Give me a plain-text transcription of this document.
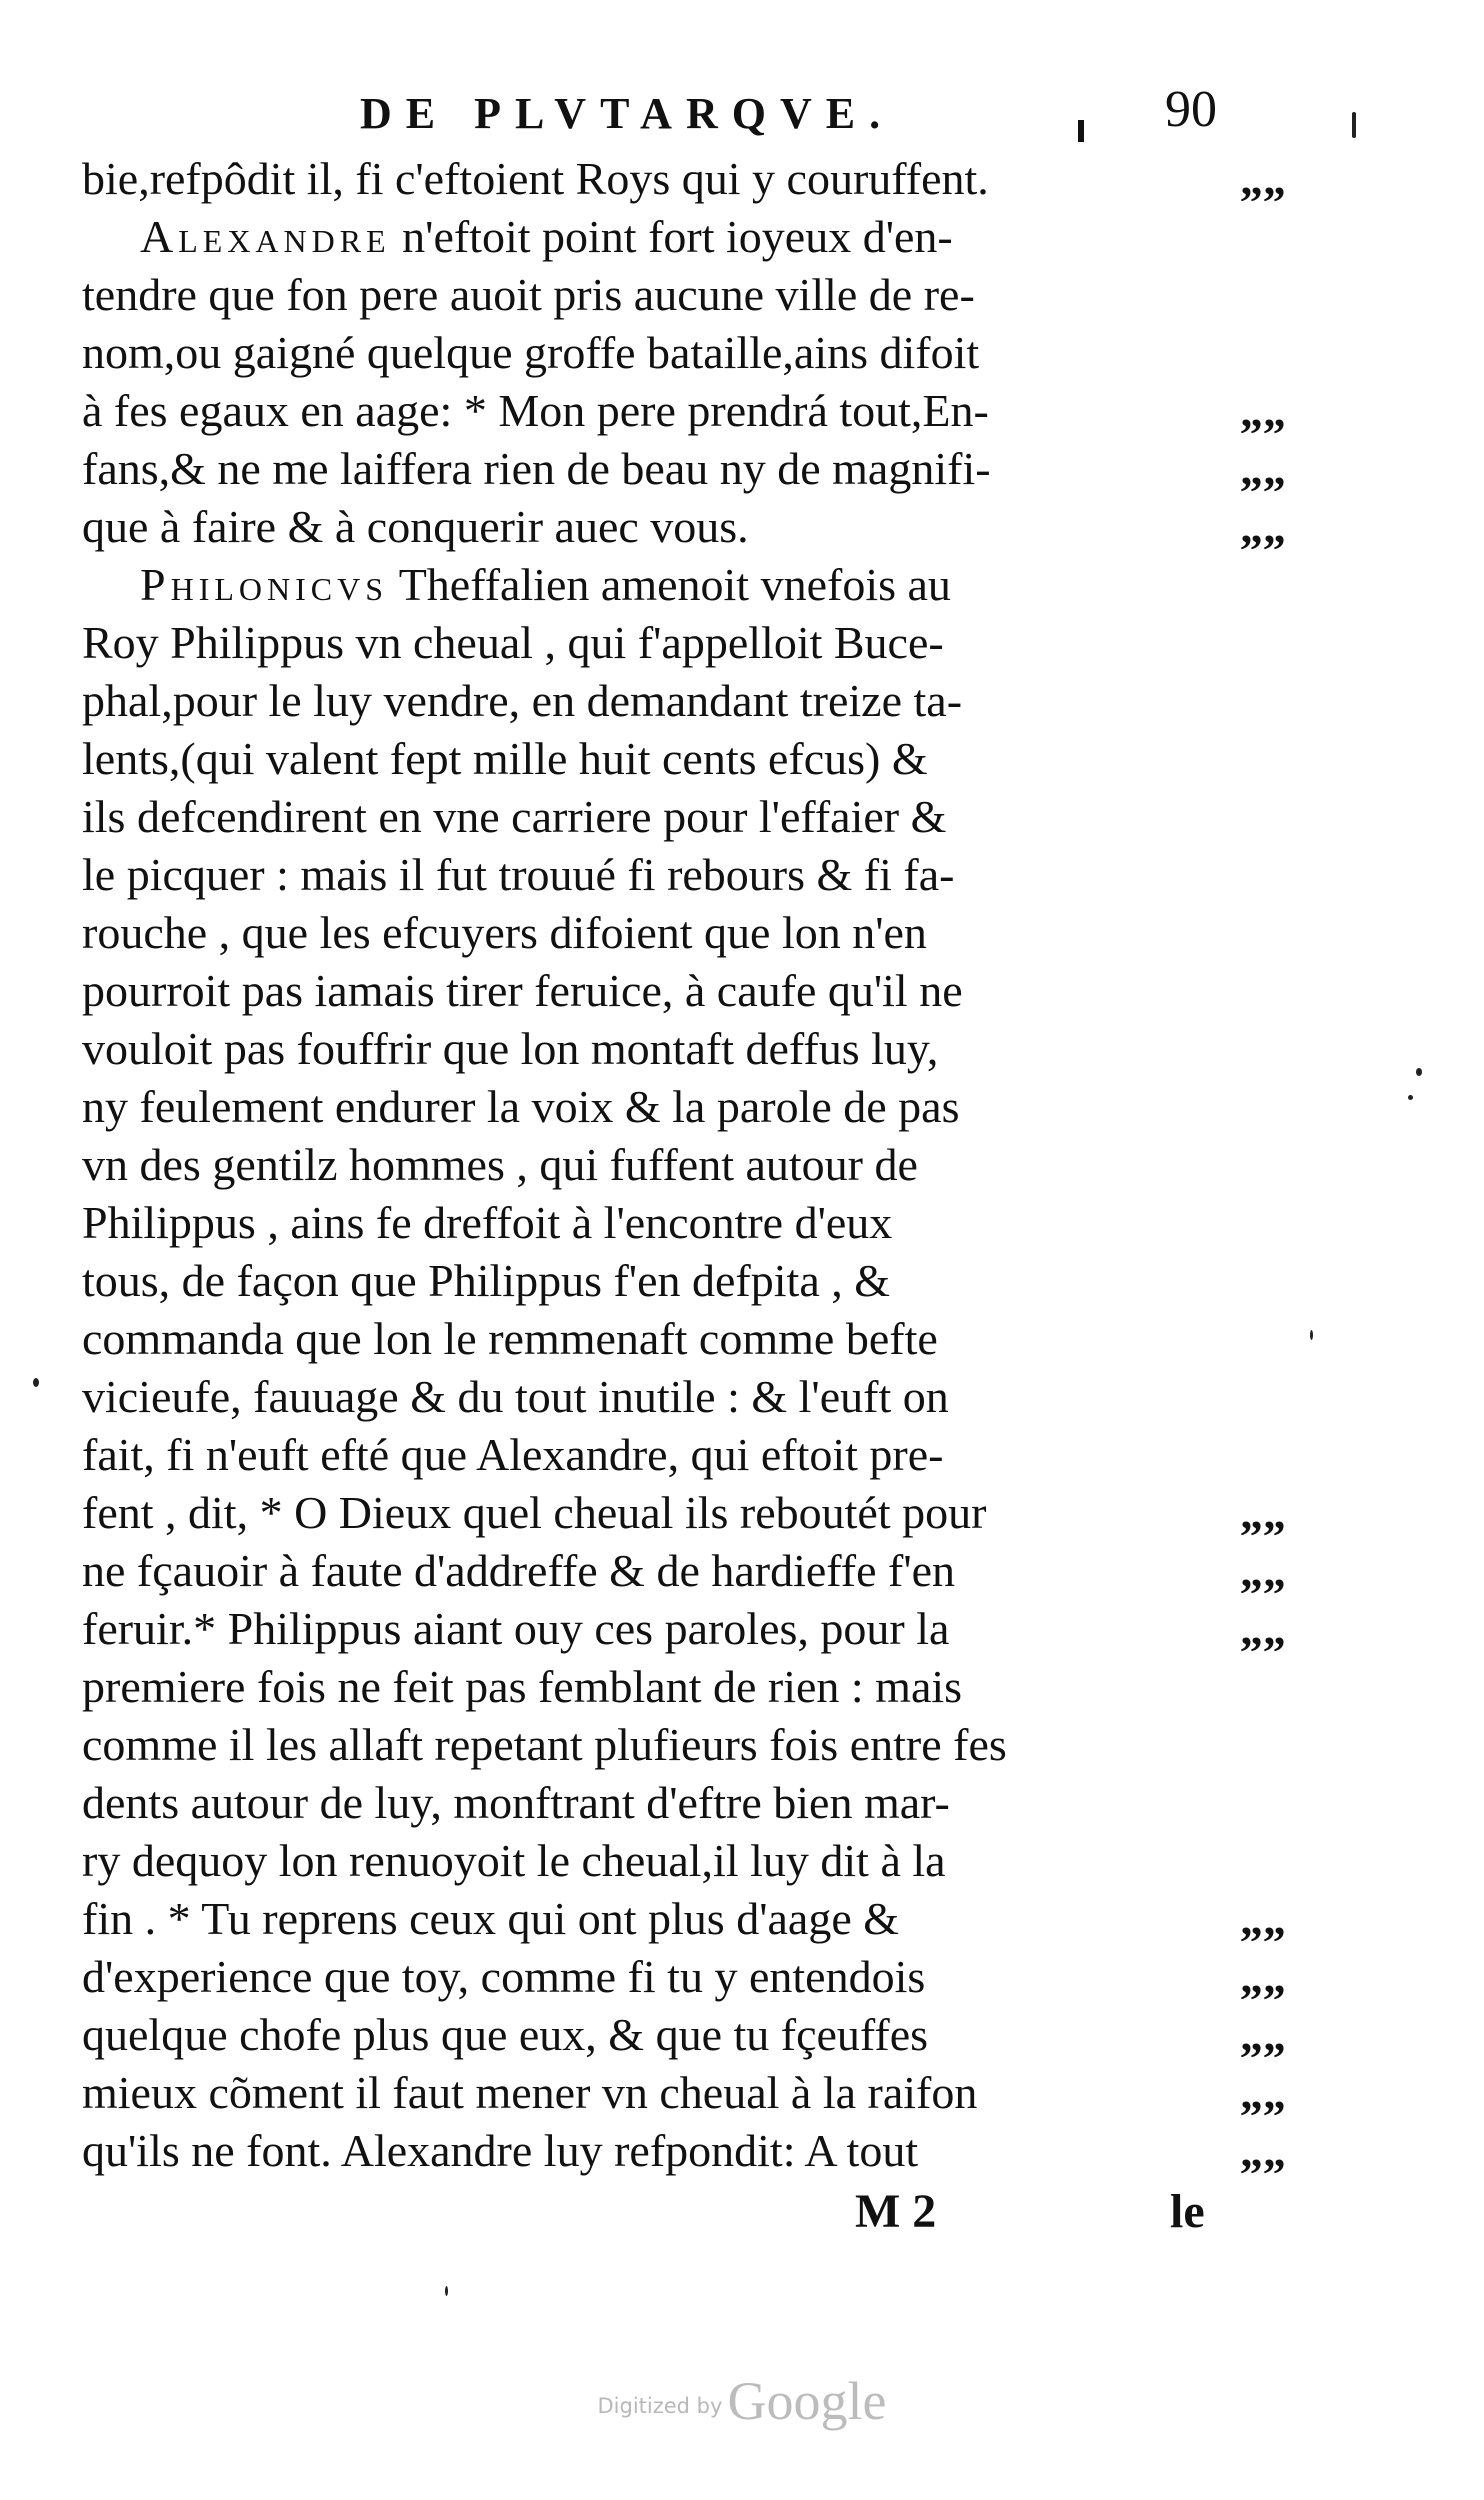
DE PLVTARQVE.	90
bie,refpôdit il, fi c'eftoient Roys qui y couruffent.
Alexandre n'eftoit point fort ioyeux d'en-
tendre que fon pere auoit pris aucune ville de re-
nom,ou gaigné quelque groffe bataille,ains difoit
à fes egaux en aage: * Mon pere prendrá tout,En-
fans,& ne me laiffera rien de beau ny de magnifi-
que à faire & à conquerir auec vous.
Philonicvs Theffalien amenoit vnefois au
Roy Philippus vn cheual , qui f'appelloit Buce-
phal,pour le luy vendre, en demandant treize ta-
lents,(qui valent fept mille huit cents efcus) &
ils defcendirent en vne carriere pour l'effaier &
le picquer : mais il fut trouué fi rebours & fi fa-
rouche , que les efcuyers difoient que lon n'en
pourroit pas iamais tirer feruice, à caufe qu'il ne
vouloit pas fouffrir que lon montaft deffus luy,
ny feulement endurer la voix & la parole de pas
vn des gentilz hommes , qui fuffent autour de
Philippus , ains fe dreffoit à l'encontre d'eux
tous, de façon que Philippus f'en defpita , &
commanda que lon le remmenaft comme befte
vicieufe, fauuage & du tout inutile : & l'euft on
fait, fi n'euft efté que Alexandre, qui eftoit pre-
fent , dit, * O Dieux quel cheual ils reboutét pour
ne fçauoir à faute d'addreffe & de hardieffe f'en
feruir.* Philippus aiant ouy ces paroles, pour la
premiere fois ne feit pas femblant de rien : mais
comme il les allaft repetant plufieurs fois entre fes
dents autour de luy, monftrant d'eftre bien mar-
ry dequoy lon renuoyoit le cheual,il luy dit à la
fin . * Tu reprens ceux qui ont plus d'aage &
d'experience que toy, comme fi tu y entendois
quelque chofe plus que eux, & que tu fçeuffes
mieux cõment il faut mener vn cheual à la raifon
qu'ils ne font. Alexandre luy refpondit: A tout
M 2	le
Digitized by Google
„„
„„
„„
„„
„„
„„
„„
„„
„„
„„
„„
„„
